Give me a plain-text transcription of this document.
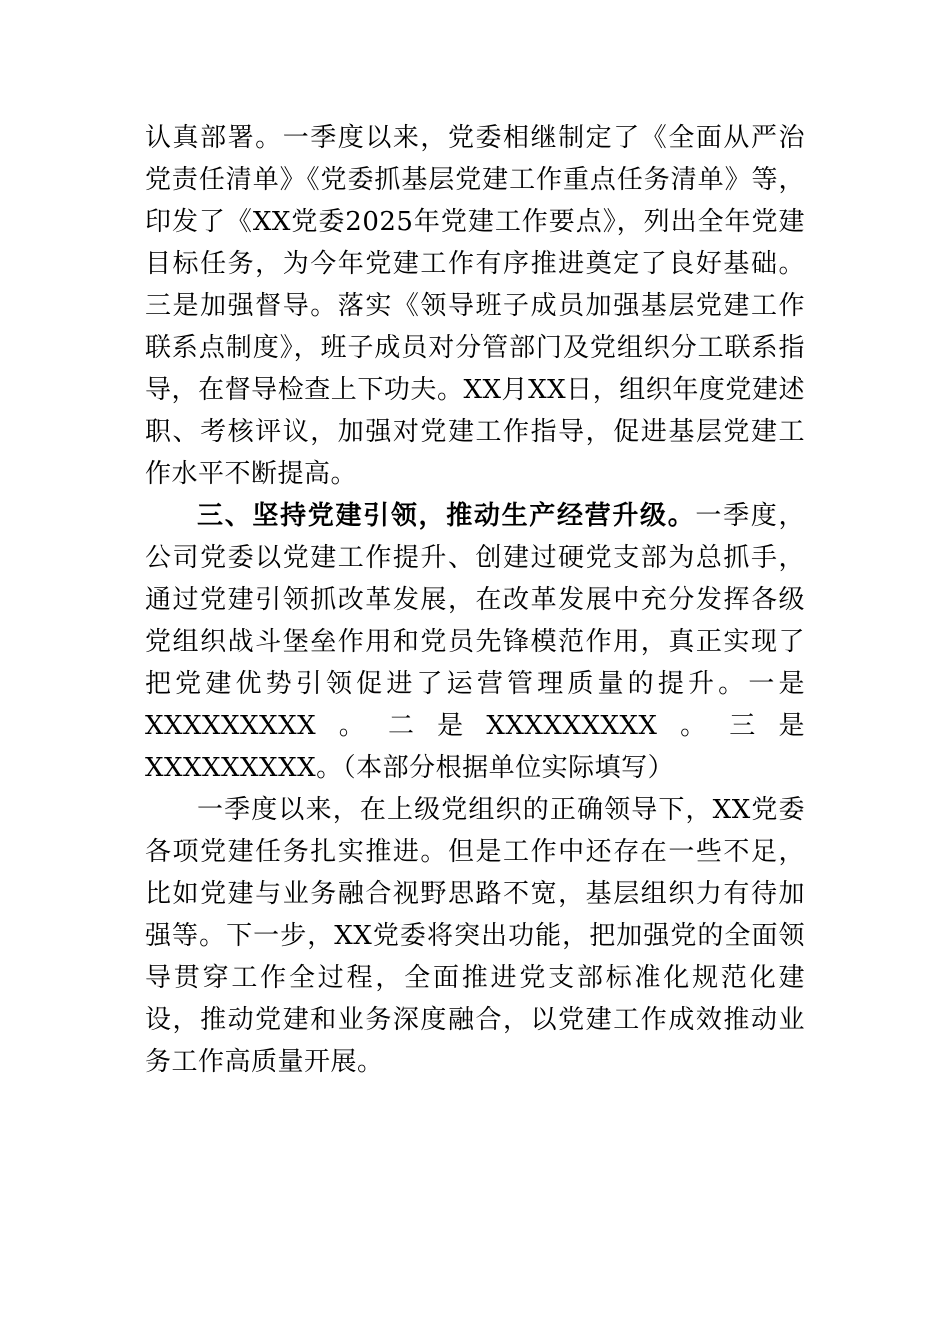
认真部署。一季度以来，党委相继制定了《全面从严治党责任清单》《党委抓基层党建工作重点任务清单》等，印发了《XX党委2025年党建工作要点》，列出全年党建目标任务，为今年党建工作有序推进奠定了良好基础。三是加强督导。落实《领导班子成员加强基层党建工作联系点制度》，班子成员对分管部门及党组织分工联系指导，在督导检查上下功夫。XX月XX日，组织年度党建述职、考核评议，加强对党建工作指导，促进基层党建工作水平不断提高。

三、坚持党建引领，推动生产经营升级。一季度，公司党委以党建工作提升、创建过硬党支部为总抓手，通过党建引领抓改革发展，在改革发展中充分发挥各级党组织战斗堡垒作用和党员先锋模范作用，真正实现了把党建优势引领促进了运营管理质量的提升。一是XXXXXXXXX。二是XXXXXXXXX。三是XXXXXXXXX。（本部分根据单位实际填写）

一季度以来，在上级党组织的正确领导下，XX党委各项党建任务扎实推进。但是工作中还存在一些不足，比如党建与业务融合视野思路不宽，基层组织力有待加强等。下一步，XX党委将突出功能，把加强党的全面领导贯穿工作全过程，全面推进党支部标准化规范化建设，推动党建和业务深度融合，以党建工作成效推动业务工作高质量开展。
